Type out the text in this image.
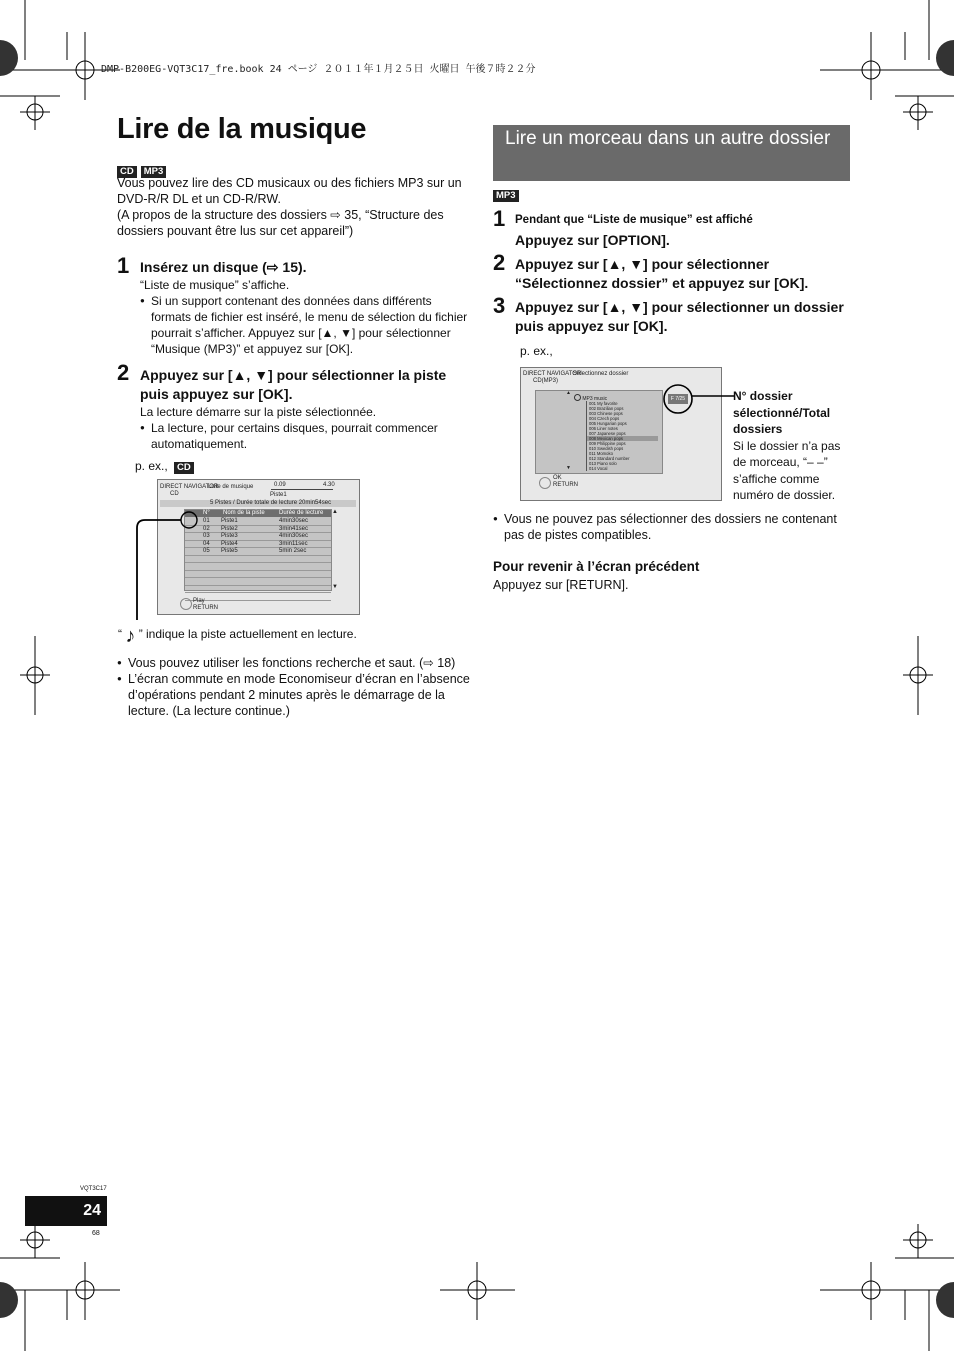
DMP-B200EG-VQT3C17_fre.book 24 ページ ２０１１年１月２５日 火曜日 午後７時２２分
Lire de la musique
CD MP3
Vous pouvez lire des CD musicaux ou des fichiers MP3 sur un DVD-R/R DL et un CD-R/RW.
(A propos de la structure des dossiers ⇨ 35, “Structure des dossiers pouvant être lus sur cet appareil”)
1 Insérez un disque (⇨ 15).
“Liste de musique” s’affiche.
● Si un support contenant des données dans différents formats de fichier est inséré, le menu de sélection du fichier pourrait s’afficher. Appuyez sur [▲, ▼] pour sélectionner “Musique (MP3)” et appuyez sur [OK].
2 Appuyez sur [▲, ▼] pour sélectionner la piste puis appuyez sur [OK].
La lecture démarre sur la piste sélectionnée.
● La lecture, pour certains disques, pourrait commencer automatiquement.
p. ex., CD
DIRECT NAVIGATOR
CD
Liste de musique	0.09	4.30
Piste1
5 Pistes / Durée totale de lecture 20min54sec
N° Nom de la piste Durée de lecture
01 Piste1	4min30sec
02 Piste2	3min41sec
03 Piste3	4min30sec
04 Piste4	3min11sec
05 Piste5	5min 2sec
▲
▼
Play
RETURN
“ ♪ ” indique la piste actuellement en lecture.
● Vous pouvez utiliser les fonctions recherche et saut. (⇨ 18)
● L’écran commute en mode Economiseur d’écran en l’absence d’opérations pendant 2 minutes après le démarrage de la lecture. (La lecture continue.)
Lire un morceau dans un autre dossier
MP3
1 Pendant que “Liste de musique” est affiché
Appuyez sur [OPTION].
2 Appuyez sur [▲, ▼] pour sélectionner “Sélectionnez dossier” et appuyez sur [OK].
3 Appuyez sur [▲, ▼] pour sélectionner un dossier puis appuyez sur [OK].
p. ex.,
DIRECT NAVIGATOR
CD(MP3)
Sélectionnez dossier
MP3 music
001 My favorite
002 Brazilian pops
003 Chinese pops
004 Czech pops
005 Hungarian pops
006 Liner notes
007 Japanese pops
008 Mexican pops
009 Philippine pops
010 Swedish pops
011 Momoko
012 Standard number
013 Piano solo
014 Vocal
▲
▼
F 7/25
OK
RETURN
N° dossier sélectionné/Total dossiers
Si le dossier n’a pas de morceau, “– –” s’affiche comme numéro de dossier.
● Vous ne pouvez pas sélectionner des dossiers ne contenant pas de pistes compatibles.
Pour revenir à l’écran précédent
Appuyez sur [RETURN].
VQT3C17
24
68
